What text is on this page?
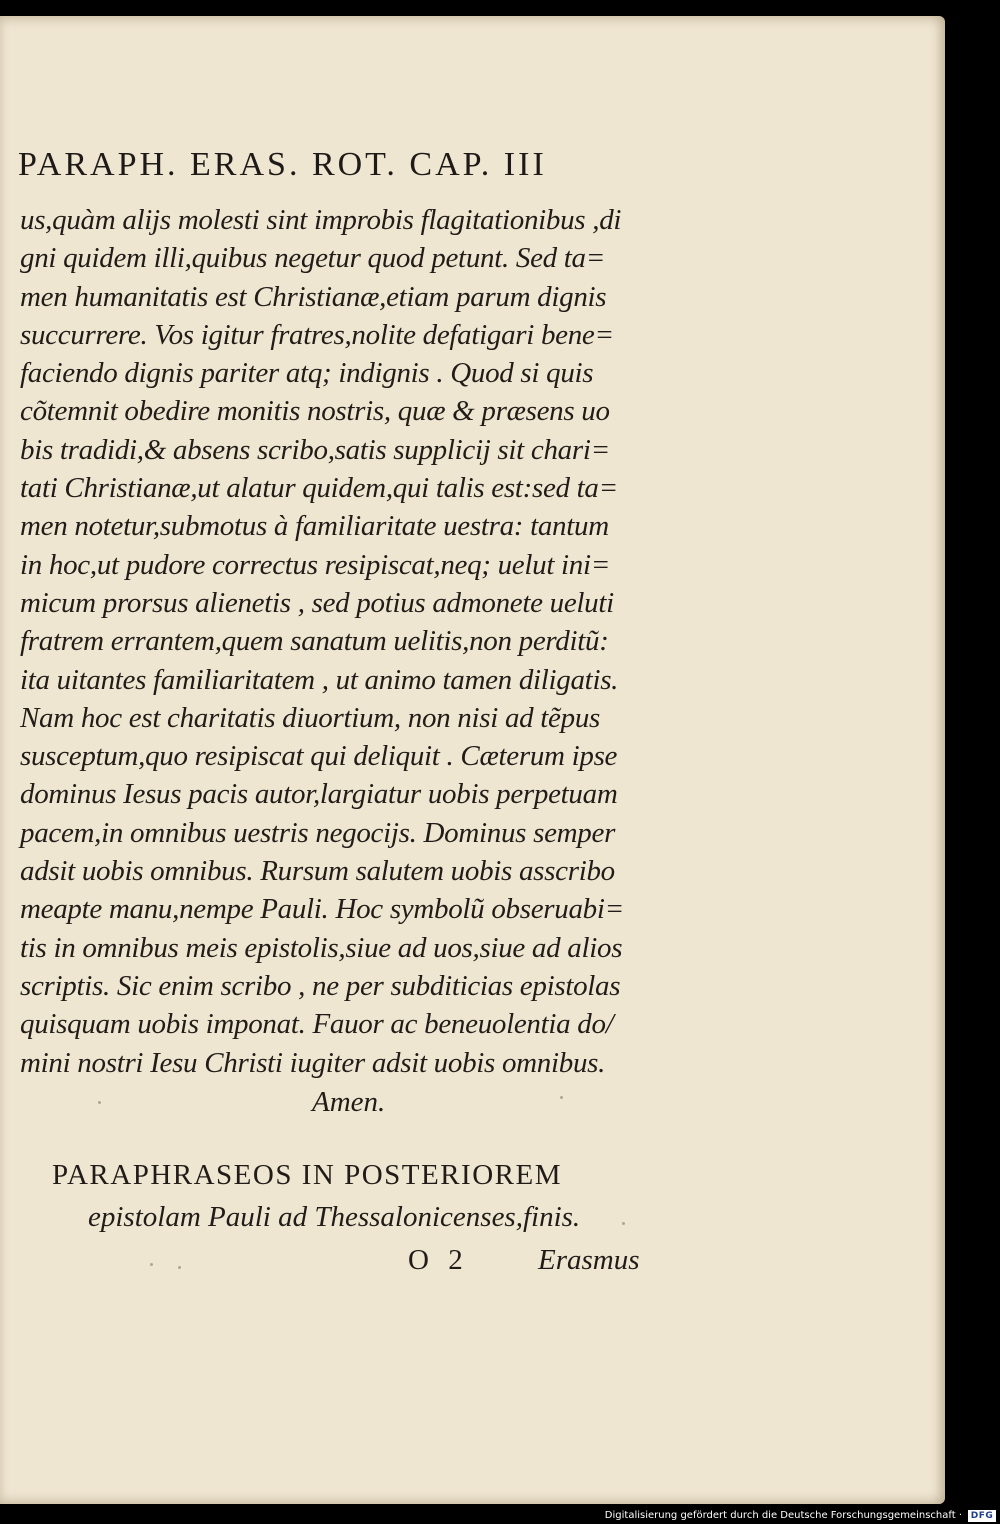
PARAPH. ERAS. ROT. CAP. III
us,quàm alijs molesti sint improbis flagitationibus ,di
gni quidem illi,quibus negetur quod petunt. Sed ta=
men humanitatis est Christianæ,etiam parum dignis
succurrere. Vos igitur fratres,nolite defatigari bene=
faciendo dignis pariter atq; indignis . Quod si quis
cõtemnit obedire monitis nostris, quæ & præsens uo
bis tradidi,& absens scribo,satis supplicij sit chari=
tati Christianæ,ut alatur quidem,qui talis est:sed ta=
men notetur,submotus à familiaritate uestra: tantum
in hoc,ut pudore correctus resipiscat,neq; uelut ini=
micum prorsus alienetis , sed potius admonete ueluti
fratrem errantem,quem sanatum uelitis,non perditũ:
ita uitantes familiaritatem , ut animo tamen diligatis.
Nam hoc est charitatis diuortium, non nisi ad tẽpus
susceptum,quo resipiscat qui deliquit . Cæterum ipse
dominus Iesus pacis autor,largiatur uobis perpetuam
pacem,in omnibus uestris negocijs. Dominus semper
adsit uobis omnibus. Rursum salutem uobis asscribo
meapte manu,nempe Pauli. Hoc symbolũ obseruabi=
tis in omnibus meis epistolis,siue ad uos,siue ad alios
scriptis. Sic enim scribo , ne per subditicias epistolas
quisquam uobis imponat. Fauor ac beneuolentia do/
mini nostri Iesu Christi iugiter adsit uobis omnibus.
Amen.
PARAPHRASEOS IN POSTERIOREM
epistolam Pauli ad Thessalonicenses,finis.
O 2 Erasmus
Digitalisierung gefördert durch die Deutsche Forschungsgemeinschaft · DFG
